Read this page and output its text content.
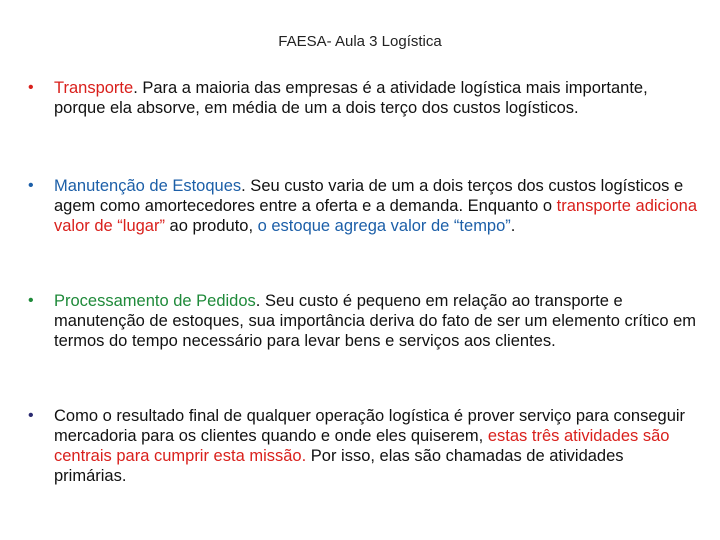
FAESA- Aula 3 Logística

•	Transporte. Para a maioria das empresas é a atividade logística mais importante, porque ela absorve, em média de um a dois terço dos custos logísticos.

•	Manutenção de Estoques. Seu custo varia de um a dois terços dos custos logísticos e agem como amortecedores entre a oferta e a demanda. Enquanto o transporte adiciona valor de “lugar” ao produto, o estoque agrega valor de “tempo”.

•	Processamento de Pedidos. Seu custo é pequeno em relação ao transporte e manutenção de estoques, sua importância deriva do fato de ser um elemento crítico em termos do tempo necessário para levar bens e serviços aos clientes.

•	Como o resultado final de qualquer operação logística é prover serviço para conseguir mercadoria para os clientes quando e onde eles quiserem, estas três atividades são centrais para cumprir esta missão. Por isso, elas são chamadas de atividades primárias.
